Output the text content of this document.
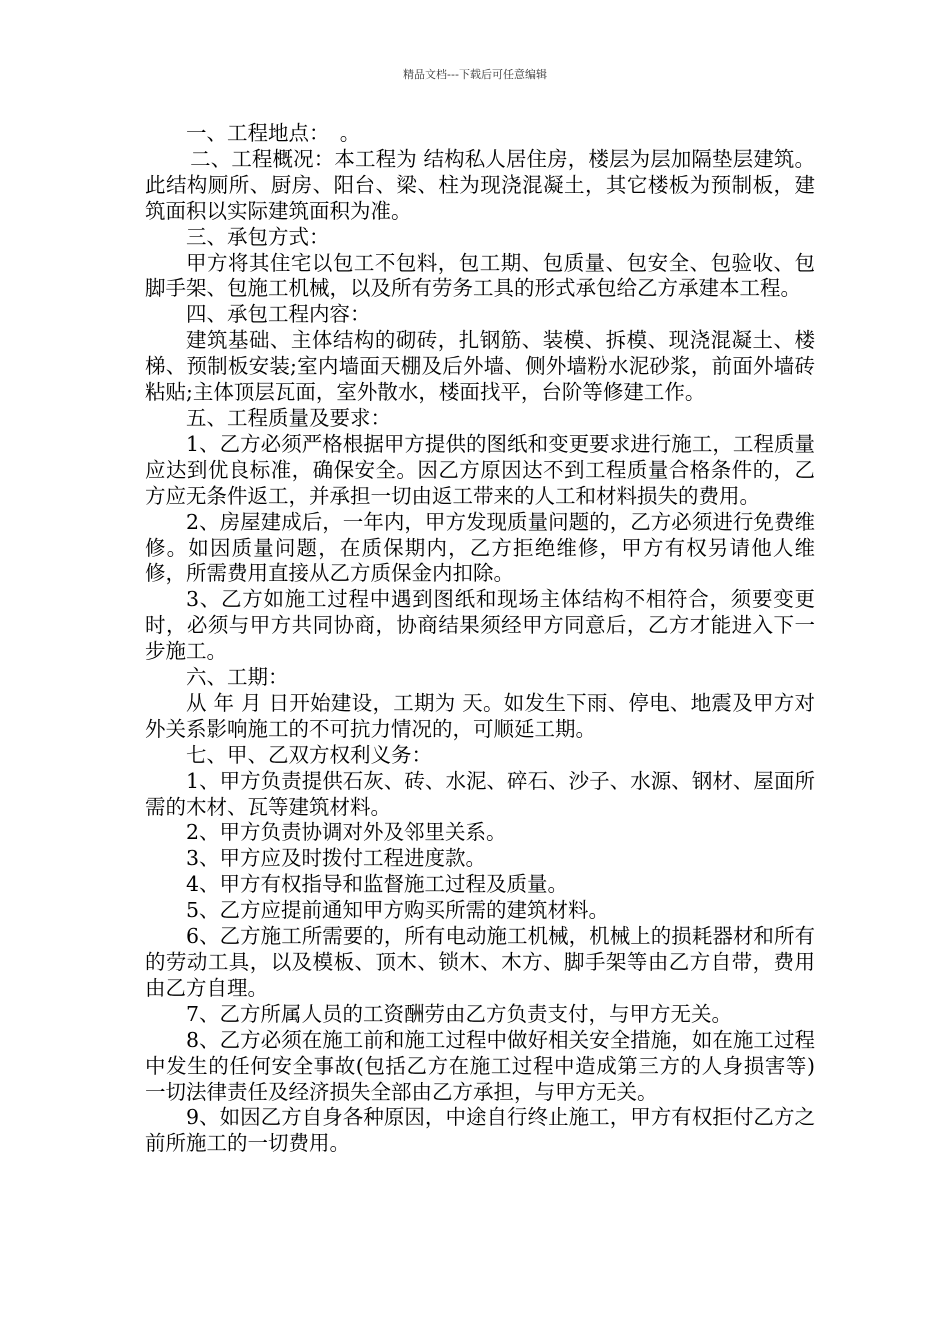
精品文档---下载后可任意编辑

一、工程地点：　。

二、工程概况：本工程为 结构私人居住房，楼层为层加隔垫层建筑。此结构厕所、厨房、阳台、梁、柱为现浇混凝土，其它楼板为预制板，建筑面积以实际建筑面积为准。

三、承包方式：

甲方将其住宅以包工不包料，包工期、包质量、包安全、包验收、包脚手架、包施工机械，以及所有劳务工具的形式承包给乙方承建本工程。

四、承包工程内容：

建筑基础、主体结构的砌砖，扎钢筋、装模、拆模、现浇混凝土、楼梯、预制板安装;室内墙面天棚及后外墙、侧外墙粉水泥砂浆，前面外墙砖粘贴;主体顶层瓦面，室外散水，楼面找平，台阶等修建工作。

五、工程质量及要求：

1、乙方必须严格根据甲方提供的图纸和变更要求进行施工，工程质量应达到优良标准，确保安全。因乙方原因达不到工程质量合格条件的，乙方应无条件返工，并承担一切由返工带来的人工和材料损失的费用。

2、房屋建成后，一年内，甲方发现质量问题的，乙方必须进行免费维修。如因质量问题，在质保期内，乙方拒绝维修，甲方有权另请他人维修，所需费用直接从乙方质保金内扣除。

3、乙方如施工过程中遇到图纸和现场主体结构不相符合，须要变更时，必须与甲方共同协商，协商结果须经甲方同意后，乙方才能进入下一步施工。

六、工期：

从 年 月 日开始建设，工期为 天。如发生下雨、停电、地震及甲方对外关系影响施工的不可抗力情况的，可顺延工期。

七、甲、乙双方权利义务：

1、甲方负责提供石灰、砖、水泥、碎石、沙子、水源、钢材、屋面所需的木材、瓦等建筑材料。

2、甲方负责协调对外及邻里关系。

3、甲方应及时拨付工程进度款。

4、甲方有权指导和监督施工过程及质量。

5、乙方应提前通知甲方购买所需的建筑材料。

6、乙方施工所需要的，所有电动施工机械，机械上的损耗器材和所有的劳动工具，以及模板、顶木、锁木、木方、脚手架等由乙方自带，费用由乙方自理。

7、乙方所属人员的工资酬劳由乙方负责支付，与甲方无关。

8、乙方必须在施工前和施工过程中做好相关安全措施，如在施工过程中发生的任何安全事故(包括乙方在施工过程中造成第三方的人身损害等)一切法律责任及经济损失全部由乙方承担，与甲方无关。

9、如因乙方自身各种原因，中途自行终止施工，甲方有权拒付乙方之前所施工的一切费用。
